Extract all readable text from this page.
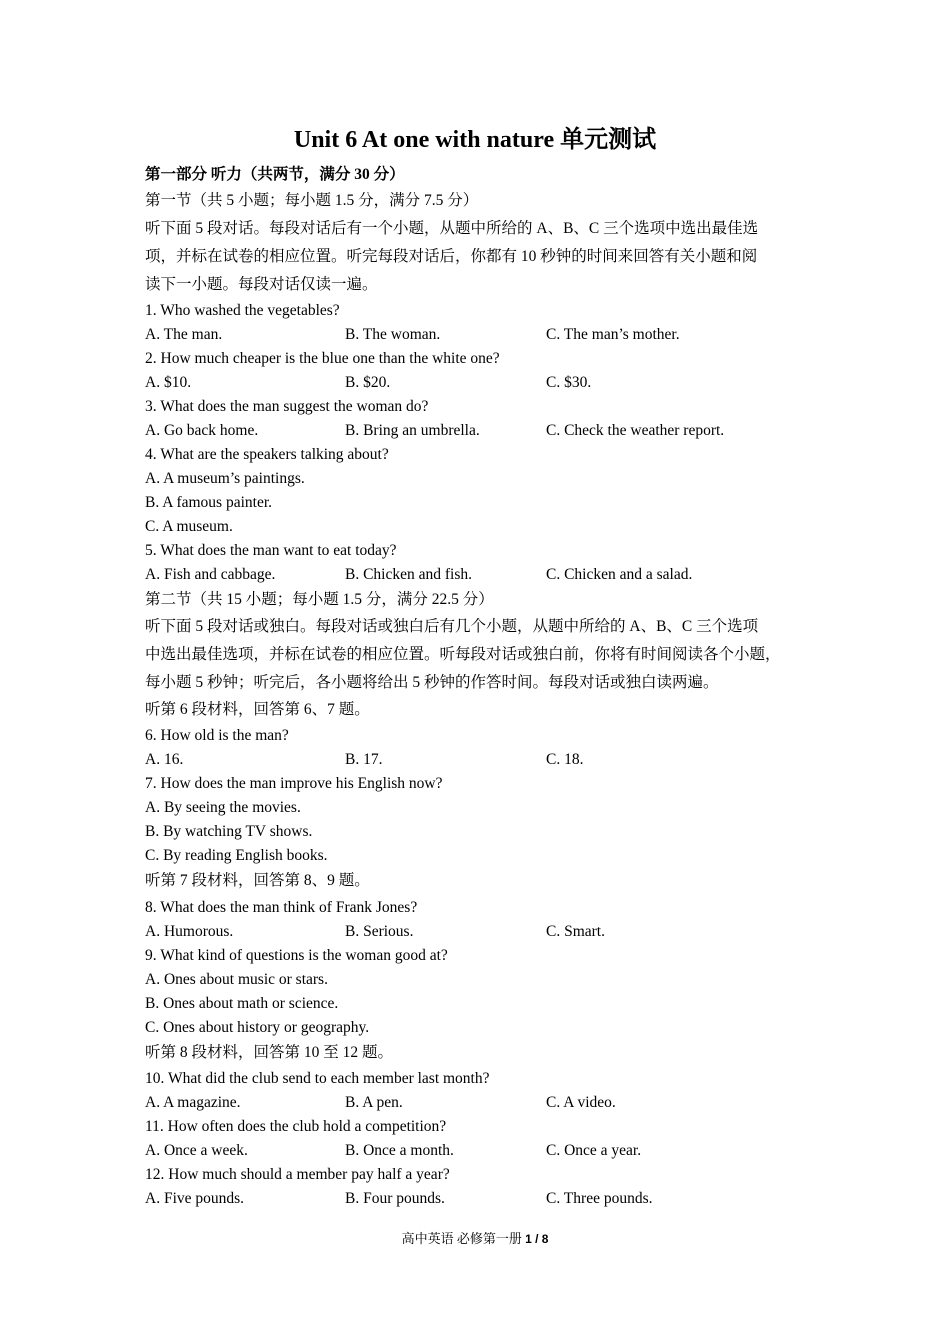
Unit 6 At one with nature 单元测试
第一部分 听力（共两节，满分 30 分）
第一节（共 5 小题；每小题 1.5 分，满分 7.5 分）
听下面 5 段对话。每段对话后有一个小题，从题中所给的 A、B、C 三个选项中选出最佳选
项，并标在试卷的相应位置。听完每段对话后，你都有 10 秒钟的时间来回答有关小题和阅
读下一小题。每段对话仅读一遍。
1. Who washed the vegetables?
A. The man.	B. The woman.	C. The man’s mother.
2. How much cheaper is the blue one than the white one?
A. $10.	B. $20.	C. $30.
3. What does the man suggest the woman do?
A. Go back home.	B. Bring an umbrella.	C. Check the weather report.
4. What are the speakers talking about?
A. A museum’s paintings.
B. A famous painter.
C. A museum.
5. What does the man want to eat today?
A. Fish and cabbage.	B. Chicken and fish.	C. Chicken and a salad.
第二节（共 15 小题；每小题 1.5 分，满分 22.5 分）
听下面 5 段对话或独白。每段对话或独白后有几个小题，从题中所给的 A、B、C 三个选项
中选出最佳选项，并标在试卷的相应位置。听每段对话或独白前，你将有时间阅读各个小题，
每小题 5 秒钟；听完后，各小题将给出 5 秒钟的作答时间。每段对话或独白读两遍。
听第 6 段材料，回答第 6、7 题。
6. How old is the man?
A. 16.	B. 17.	C. 18.
7. How does the man improve his English now?
A. By seeing the movies.
B. By watching TV shows.
C. By reading English books.
听第 7 段材料，回答第 8、9 题。
8. What does the man think of Frank Jones?
A. Humorous.	B. Serious.	C. Smart.
9. What kind of questions is the woman good at?
A. Ones about music or stars.
B. Ones about math or science.
C. Ones about history or geography.
听第 8 段材料，回答第 10 至 12 题。
10. What did the club send to each member last month?
A. A magazine.	B. A pen.	C. A video.
11. How often does the club hold a competition?
A. Once a week.	B. Once a month.	C. Once a year.
12. How much should a member pay half a year?
A. Five pounds.	B. Four pounds.	C. Three pounds.
高中英语 必修第一册 1 / 8
